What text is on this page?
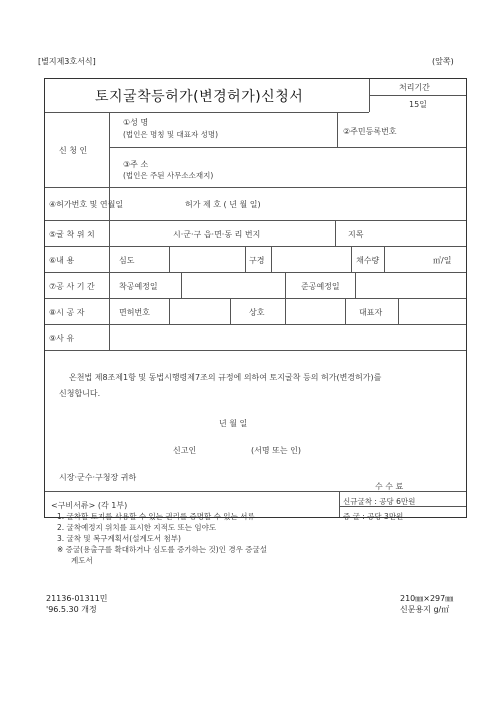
[별지제3호서식]	(앞쪽)
토지굴착등허가(변경허가)신청서
처리기간
15일
신 청 인
①성 명
(법인은 명칭 및 대표자 성명)	②주민등록번호
③주 소
(법인은 주된 사무소소재지)
④허가번호 및 연월일	허가 제 호 ( 년 월 일)
⑤굴 착 위 치	시·군·구 읍·면·동 리 번지	지목
⑥내 용	심도	구경	채수량	㎥/일
⑦공 사 기 간	착공예정일	준공예정일
⑧시 공 자	면허번호	상호	대표자
⑨사 유
온천법 제8조제1항 및 동법시행령제7조의 규정에 의하여 토지굴착 등의 허가(변경허가)를
신청합니다.
년 월 일
신고인	(서명 또는 인)
시장·군수·구청장 귀하
<구비서류> (각 1부)
1. 굴착할 토지를 사용할 수 있는 권리를 증명할 수 있는 서류
2. 굴착예정지 위치를 표시한 지적도 또는 임야도
3. 굴착 및 복구계획서(설계도서 첨부)
※ 증굴(용출구를 확대하거나 심도를 증가하는 것)인 경우 증굴설
계도서
수 수 료
신규굴착 : 공당 6만원
증 굴 : 공당 3만원
21136-01311민
'96.5.30 개정
210㎜×297㎜
신문용지 g/㎡
